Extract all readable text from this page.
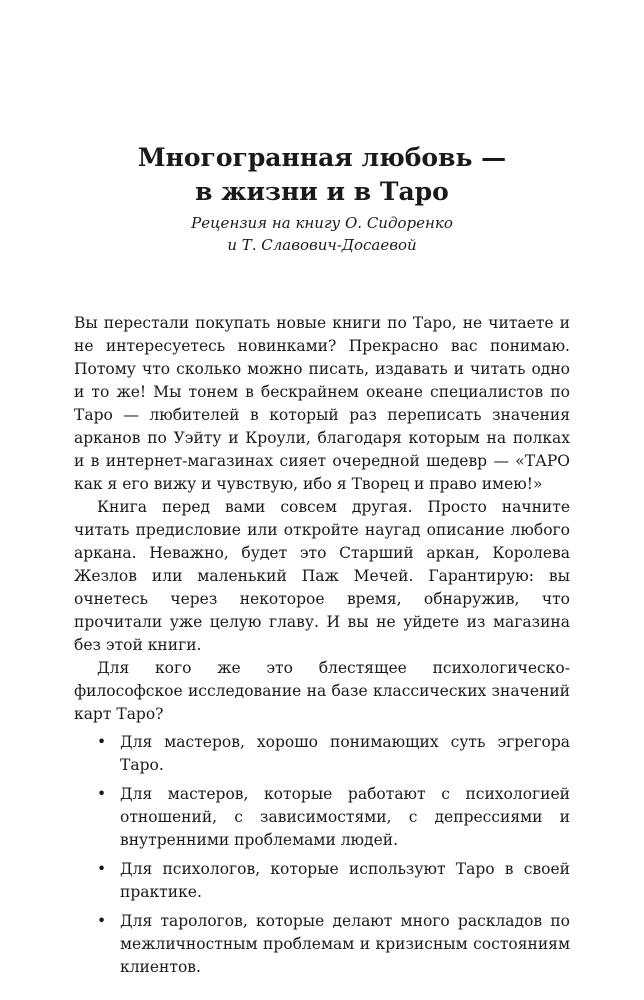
Многогранная любовь —
в жизни и в Таро
Рецензия на книгу О. Сидоренко
и Т. Славович-Досаевой

Вы перестали покупать новые книги по Таро, не читаете и не интересуетесь новинками? Прекрасно вас понимаю. Потому что сколько можно писать, издавать и читать одно и то же! Мы тонем в бескрайнем океане специалистов по Таро — любителей в который раз переписать значения арканов по Уэйту и Кроули, благодаря которым на полках и в интернет-магазинах сияет очередной шедевр — «ТАРО как я его вижу и чувствую, ибо я Творец и право имею!»

Книга перед вами совсем другая. Просто начните читать предисловие или откройте наугад описание любого аркана. Неважно, будет это Старший аркан, Королева Жезлов или маленький Паж Мечей. Гарантирую: вы очнетесь через некоторое время, обнаружив, что прочитали уже целую главу. И вы не уйдете из магазина без этой книги.

Для кого же это блестящее психологическо-философское исследование на базе классических значений карт Таро?

• Для мастеров, хорошо понимающих суть эгрегора Таро.
• Для мастеров, которые работают с психологией отношений, с зависимостями, с депрессиями и внутренними проблемами людей.
• Для психологов, которые используют Таро в своей практике.
• Для тарологов, которые делают много раскладов по межличностным проблемам и кризисным состояниям клиентов.
